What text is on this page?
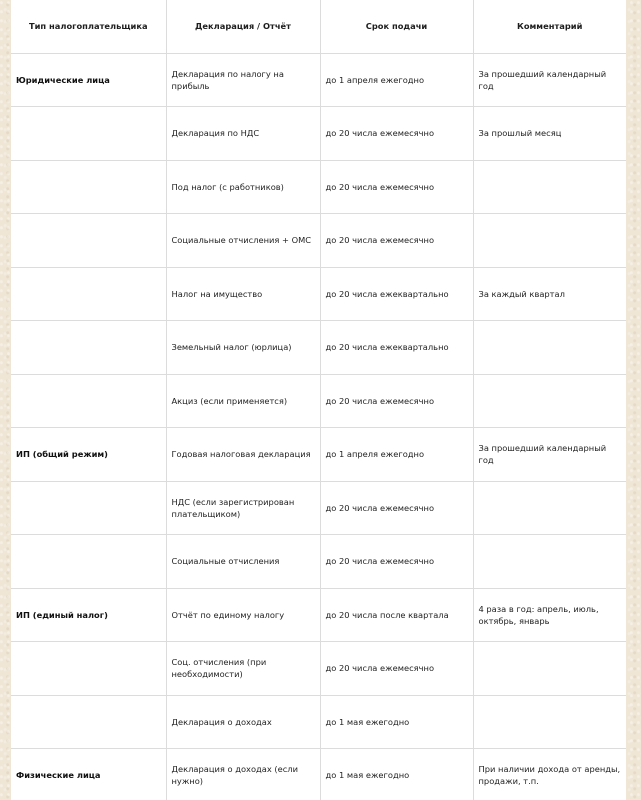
Тип налогоплательщика	Декларация / Отчёт	Срок подачи	Комментарий
Юридические лица	Декларация по налогу на прибыль	до 1 апреля ежегодно	За прошедший календарный год
	Декларация по НДС	до 20 числа ежемесячно	За прошлый месяц
	Под налог (с работников)	до 20 числа ежемесячно	
	Социальные отчисления + ОМС	до 20 числа ежемесячно	
	Налог на имущество	до 20 числа ежеквартально	За каждый квартал
	Земельный налог (юрлица)	до 20 числа ежеквартально	
	Акциз (если применяется)	до 20 числа ежемесячно	
ИП (общий режим)	Годовая налоговая декларация	до 1 апреля ежегодно	За прошедший календарный год
	НДС (если зарегистрирован плательщиком)	до 20 числа ежемесячно	
	Социальные отчисления	до 20 числа ежемесячно	
ИП (единый налог)	Отчёт по единому налогу	до 20 числа после квартала	4 раза в год: апрель, июль, октябрь, январь
	Соц. отчисления (при необходимости)	до 20 числа ежемесячно	
	Декларация о доходах	до 1 мая ежегодно	
Физические лица	Декларация о доходах (если нужно)	до 1 мая ежегодно	При наличии дохода от аренды, продажи, т.п.
